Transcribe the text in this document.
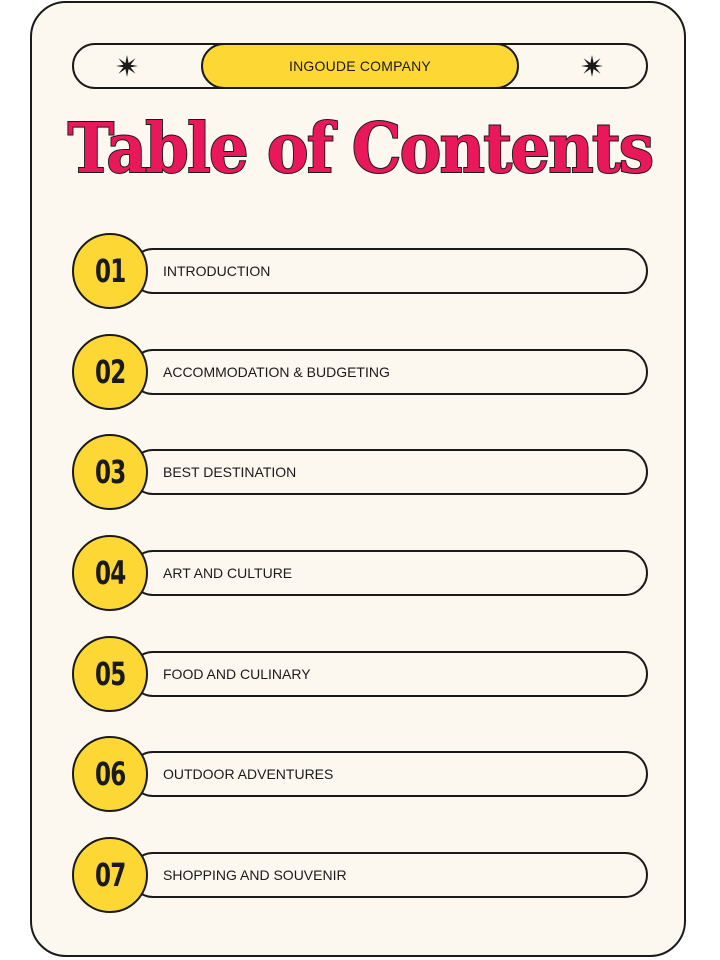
INGOUDE COMPANY
Table of Contents
INTRODUCTION
01
ACCOMMODATION & BUDGETING
02
BEST DESTINATION
03
ART AND CULTURE
04
FOOD AND CULINARY
05
OUTDOOR ADVENTURES
06
SHOPPING AND SOUVENIR
07
